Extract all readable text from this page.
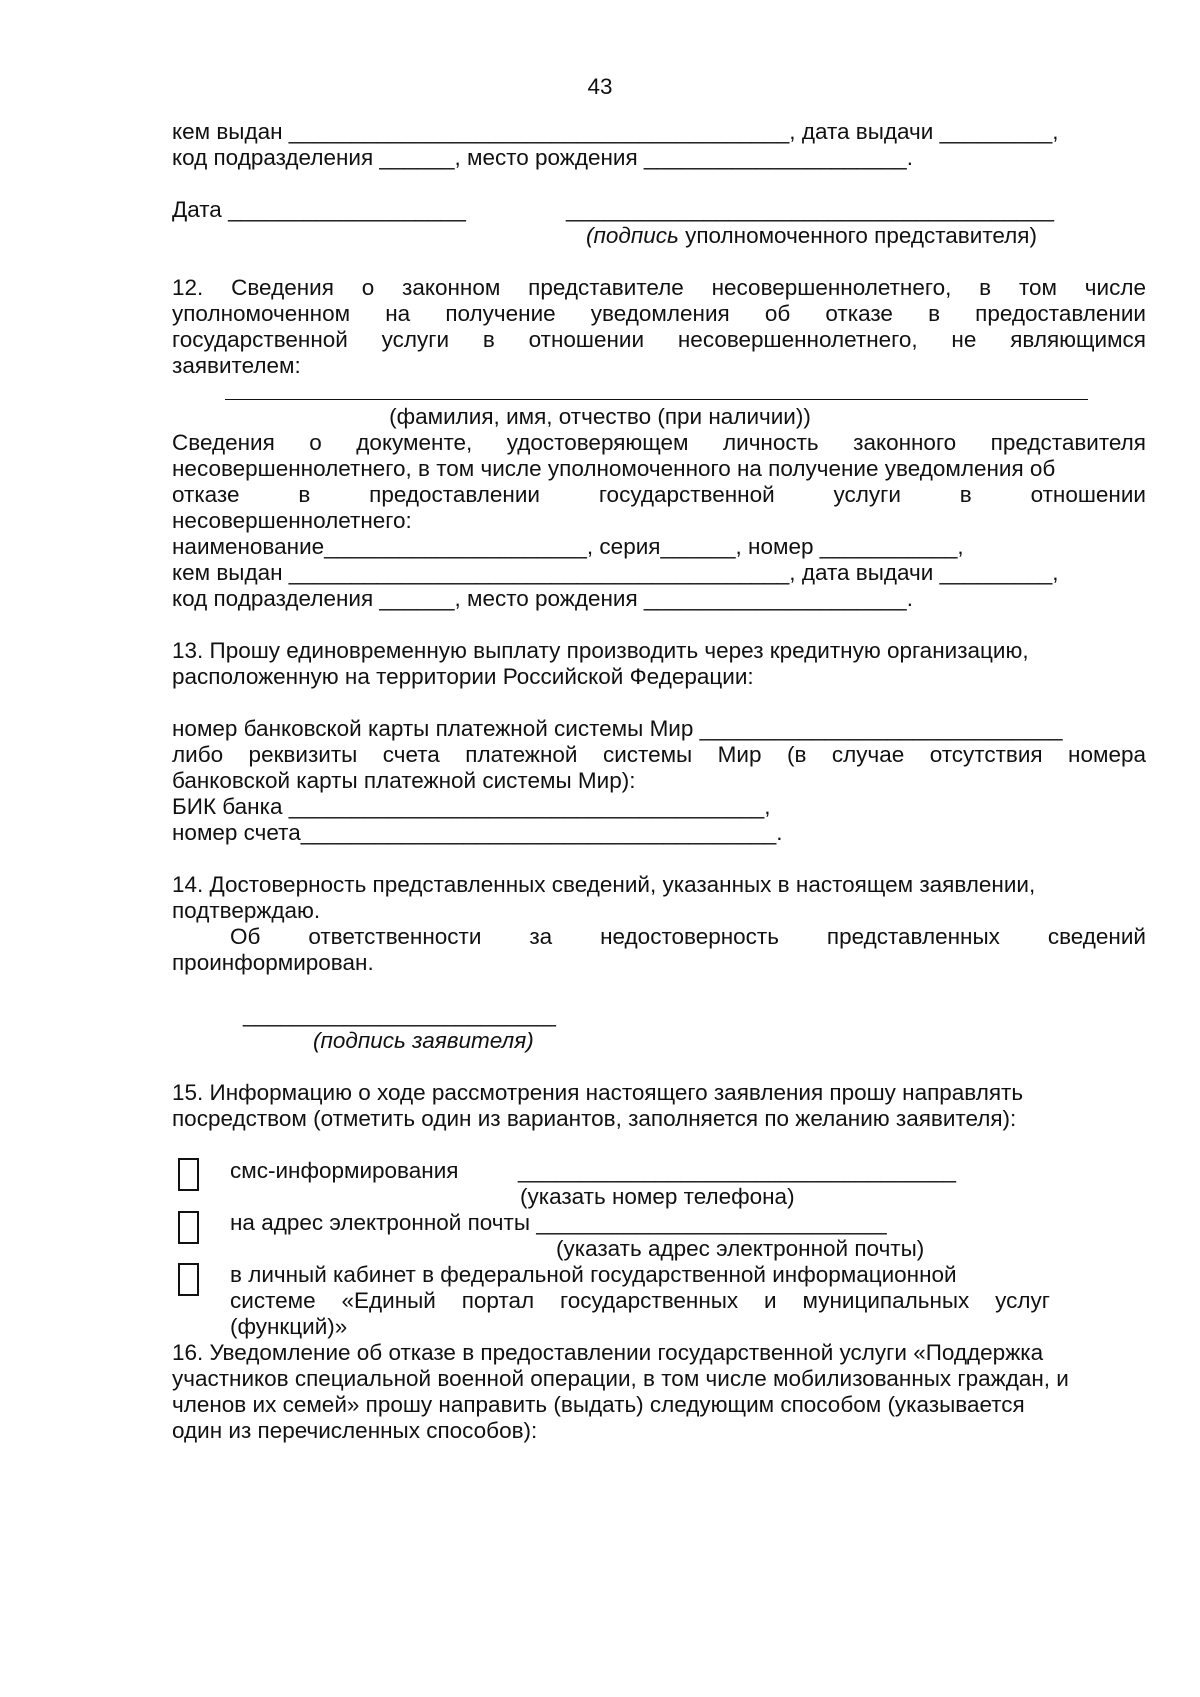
43
кем выдан ________________________________________, дата выдачи _________,
код подразделения ______, место рождения _____________________.
Дата ___________________	_______________________________________
(подпись уполномоченного представителя)
12. Сведения о законном представителе несовершеннолетнего, в том числе
уполномоченном на получение уведомления об отказе в предоставлении
государственной услуги в отношении несовершеннолетнего, не являющимся
заявителем:
(фамилия, имя, отчество (при наличии))
Сведения о документе, удостоверяющем личность законного представителя
несовершеннолетнего, в том числе уполномоченного на получение уведомления об
отказе в предоставлении государственной услуги в отношении
несовершеннолетнего:
наименование_____________________, серия______, номер ___________,
кем выдан ________________________________________, дата выдачи _________,
код подразделения ______, место рождения _____________________.
13. Прошу единовременную выплату производить через кредитную организацию,
расположенную на территории Российской Федерации:
номер банковской карты платежной системы Мир _____________________________
либо реквизиты счета платежной системы Мир (в случае отсутствия номера
банковской карты платежной системы Мир):
БИК банка ______________________________________,
номер счета______________________________________.
14. Достоверность представленных сведений, указанных в настоящем заявлении,
подтверждаю.
Об ответственности за недостоверность представленных сведений
проинформирован.
_________________________
(подпись заявителя)
15. Информацию о ходе рассмотрения настоящего заявления прошу направлять
посредством (отметить один из вариантов, заполняется по желанию заявителя):
смс-информирования	___________________________________
(указать номер телефона)
на адрес электронной почты ____________________________
(указать адрес электронной почты)
в личный кабинет в федеральной государственной информационной
системе «Единый портал государственных и муниципальных услуг
(функций)»
16. Уведомление об отказе в предоставлении государственной услуги «Поддержка
участников специальной военной операции, в том числе мобилизованных граждан, и
членов их семей» прошу направить (выдать) следующим способом (указывается
один из перечисленных способов):
